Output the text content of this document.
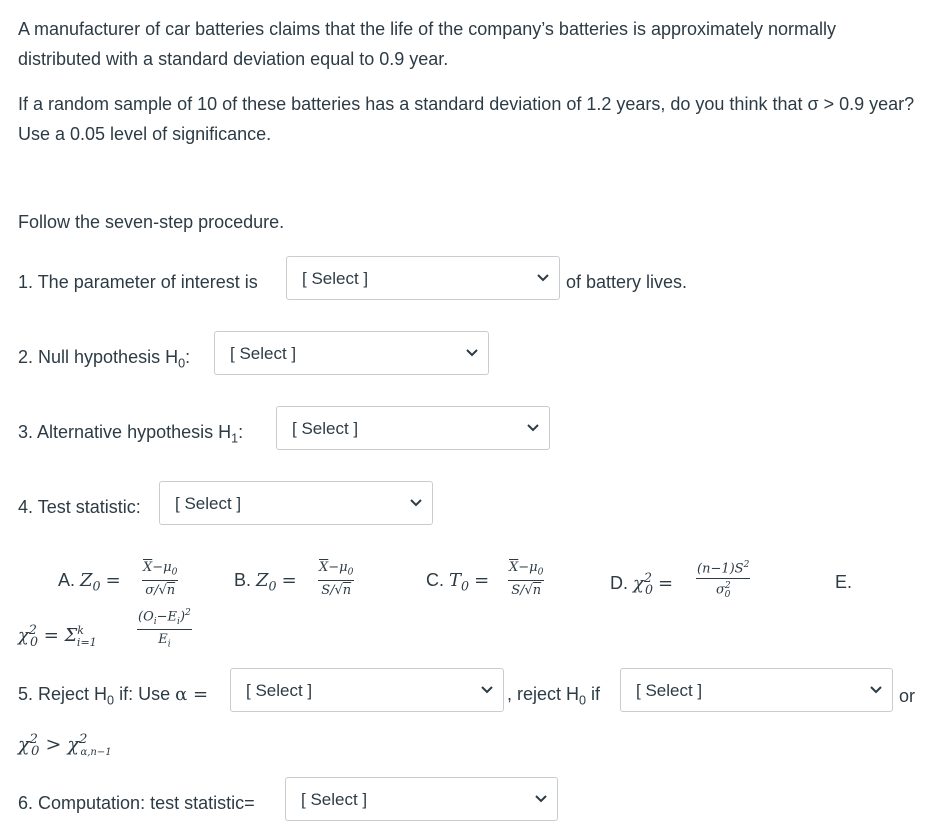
A manufacturer of car batteries claims that the life of the company’s batteries is approximately normally distributed with a standard deviation equal to 0.9 year.
If a random sample of 10 of these batteries has a standard deviation of 1.2 years, do you think that σ > 0.9 year? Use a 0.05 level of significance.
Follow the seven-step procedure.
1. The parameter of interest is	[ Select ]	of battery lives.
2. Null hypothesis $H_0$: [ Select ]
3. Alternative hypothesis $H_1$:	[ Select ]
4. Test statistic: [ Select ]
A. $Z_0 = \frac{\overline{X}-\mu_0}{\sigma/√n}$	B. $Z_0 = \frac{\overline{X}-\mu_0}{S/√n}$	C. $T_0 = \frac{\overline{X}-\mu_0}{S/√n}$	D. $\chi^2_0 = \frac{(n-1)S^2}{\sigma^2_0}$	E.
$\chi^2_0 = \Sigma^k_{i=1}$	$\frac{(O_i-E_i)^2}{E_i}$
5. Reject $H_0$ if: Use α = [ Select ]	, reject $H_0$ if [ Select ]	or
$\chi^2_0 > \chi^2_{\alpha,n-1}$
6. Computation: test statistic=	[ Select ]
